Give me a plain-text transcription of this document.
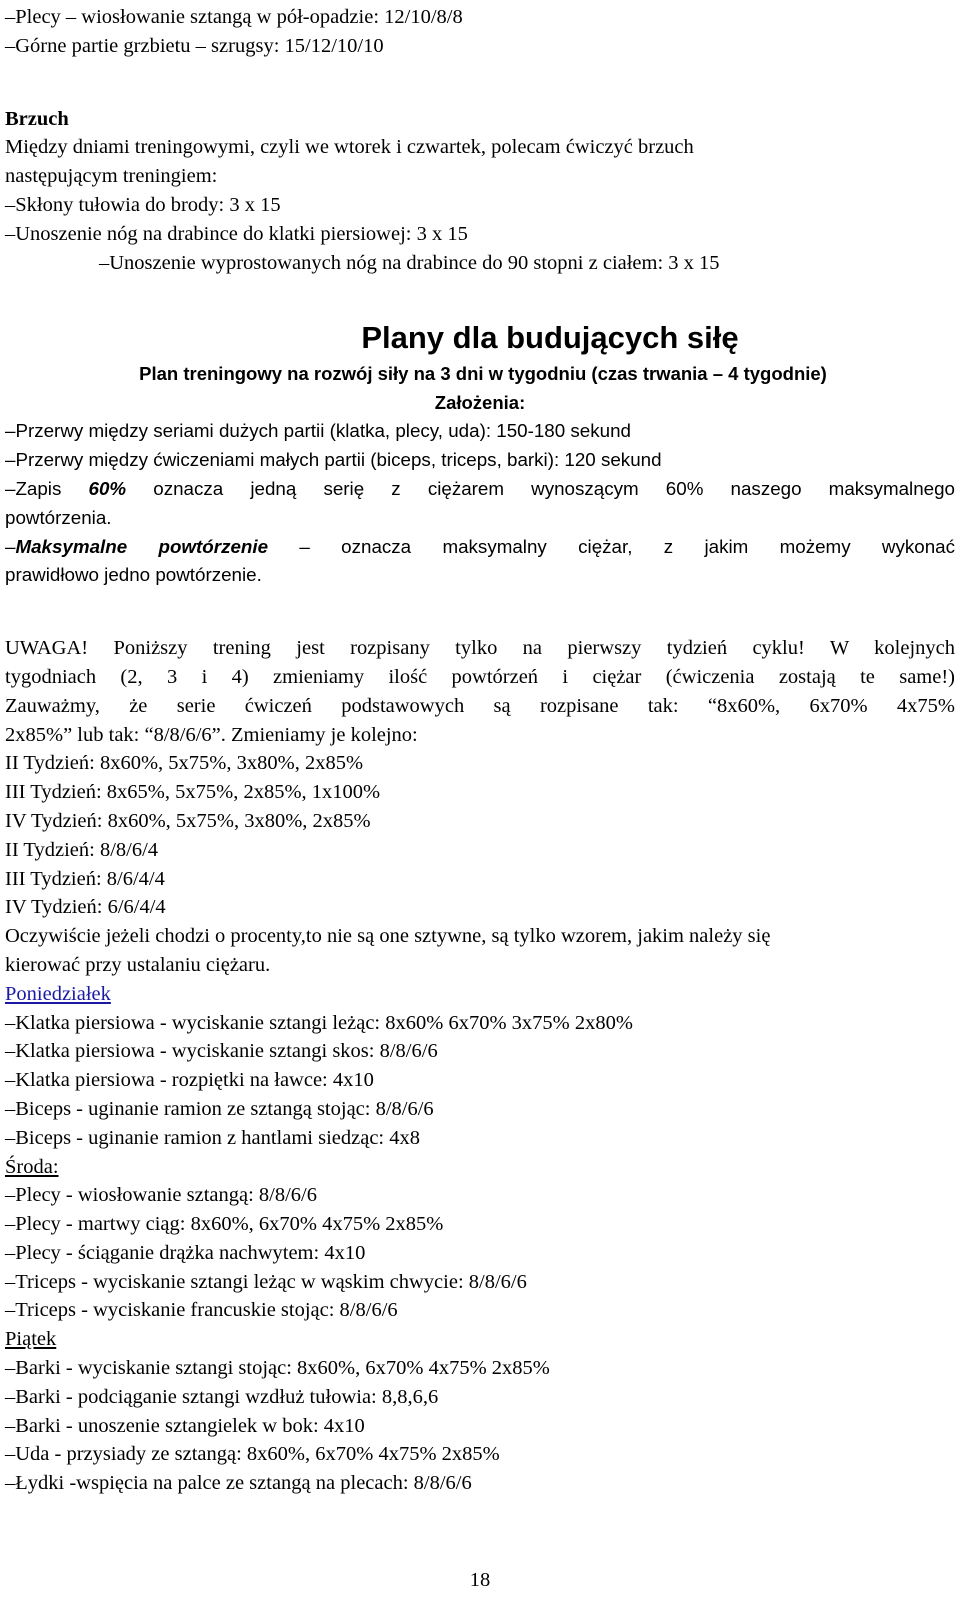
–Plecy – wiosłowanie sztangą w pół-opadzie: 12/10/8/8
–Górne partie grzbietu – szrugsy: 15/12/10/10
Brzuch
Między dniami treningowymi, czyli we wtorek i czwartek, polecam ćwiczyć brzuch
następującym treningiem:
–Skłony tułowia do brody: 3 x 15
–Unoszenie nóg na drabince do klatki piersiowej: 3 x 15
–Unoszenie wyprostowanych nóg na drabince do 90 stopni z ciałem: 3 x 15
Plany dla budujących siłę
Plan treningowy na rozwój siły na 3 dni w tygodniu (czas trwania – 4 tygodnie)
Założenia:
–Przerwy między seriami dużych partii (klatka, plecy, uda): 150-180 sekund
–Przerwy między ćwiczeniami małych partii (biceps, triceps, barki): 120 sekund
–Zapis 60% oznacza jedną serię z ciężarem wynoszącym 60% naszego maksymalnego
powtórzenia.
–Maksymalne powtórzenie – oznacza maksymalny ciężar, z jakim możemy wykonać
prawidłowo jedno powtórzenie.
UWAGA! Poniższy trening jest rozpisany tylko na pierwszy tydzień cyklu! W kolejnych
tygodniach (2, 3 i 4) zmieniamy ilość powtórzeń i ciężar (ćwiczenia zostają te same!)
Zauważmy, że serie ćwiczeń podstawowych są rozpisane tak: “8x60%, 6x70% 4x75%
2x85%” lub tak: “8/8/6/6”. Zmieniamy je kolejno:
II Tydzień: 8x60%, 5x75%, 3x80%, 2x85%
III Tydzień: 8x65%, 5x75%, 2x85%, 1x100%
IV Tydzień: 8x60%, 5x75%, 3x80%, 2x85%
II Tydzień: 8/8/6/4
III Tydzień: 8/6/4/4
IV Tydzień: 6/6/4/4
Oczywiście jeżeli chodzi o procenty,to nie są one sztywne, są tylko wzorem, jakim należy się
kierować przy ustalaniu ciężaru.
Poniedziałek
–Klatka piersiowa - wyciskanie sztangi leżąc: 8x60% 6x70% 3x75% 2x80%
–Klatka piersiowa - wyciskanie sztangi skos: 8/8/6/6
–Klatka piersiowa - rozpiętki na ławce: 4x10
–Biceps - uginanie ramion ze sztangą stojąc: 8/8/6/6
–Biceps - uginanie ramion z hantlami siedząc: 4x8
Środa:
–Plecy - wiosłowanie sztangą: 8/8/6/6
–Plecy - martwy ciąg: 8x60%, 6x70% 4x75% 2x85%
–Plecy - ściąganie drążka nachwytem: 4x10
–Triceps - wyciskanie sztangi leżąc w wąskim chwycie: 8/8/6/6
–Triceps - wyciskanie francuskie stojąc: 8/8/6/6
Piątek
–Barki - wyciskanie sztangi stojąc: 8x60%, 6x70% 4x75% 2x85%
–Barki - podciąganie sztangi wzdłuż tułowia: 8,8,6,6
–Barki - unoszenie sztangielek w bok: 4x10
–Uda - przysiady ze sztangą: 8x60%, 6x70% 4x75% 2x85%
–Łydki -wspięcia na palce ze sztangą na plecach: 8/8/6/6
18
